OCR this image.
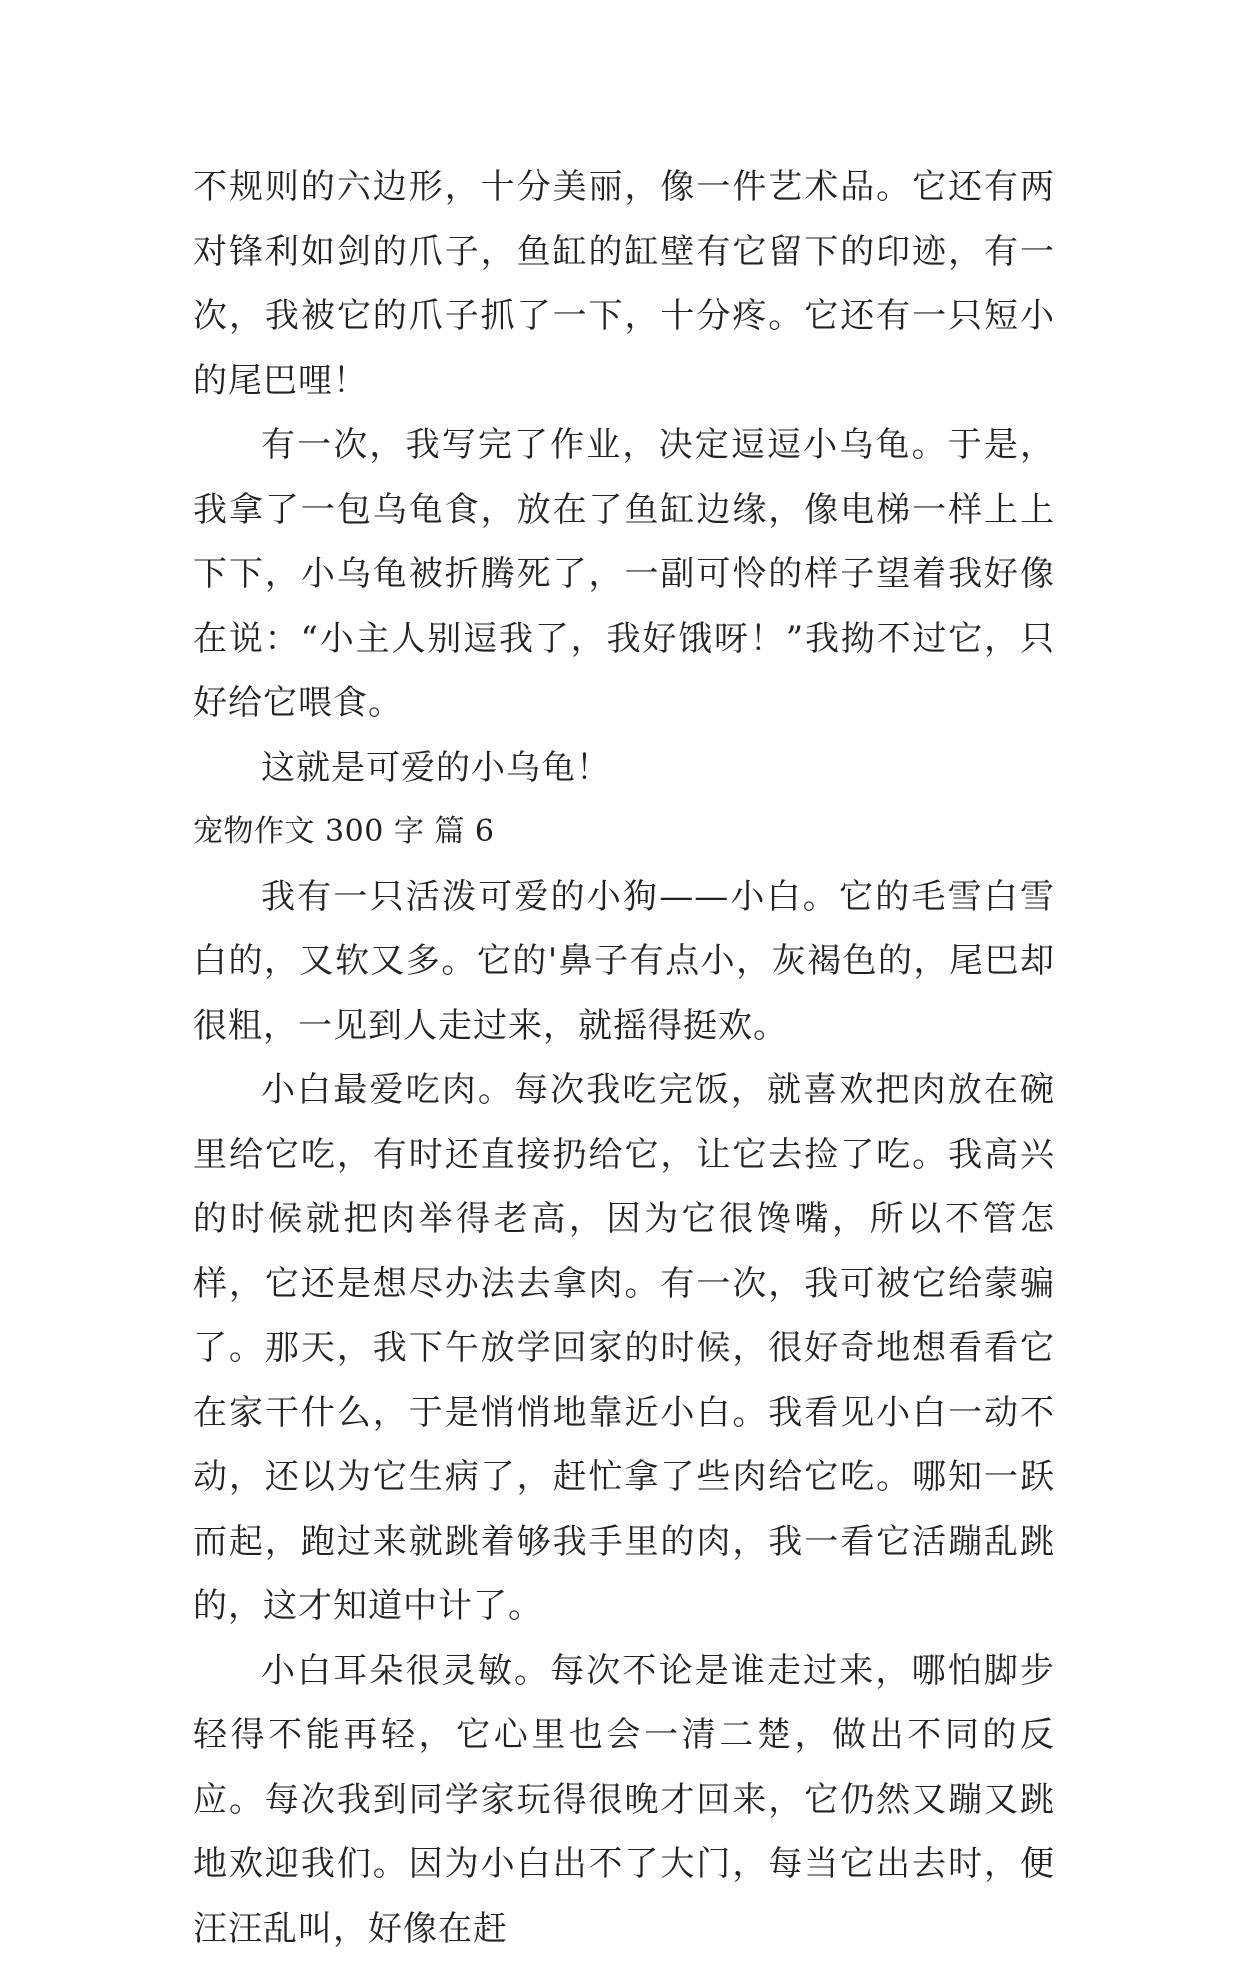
不规则的六边形，十分美丽，像一件艺术品。它还有两对锋利如剑的爪子，鱼缸的缸壁有它留下的印迹，有一次，我被它的爪子抓了一下，十分疼。它还有一只短小的尾巴哩！

有一次，我写完了作业，决定逗逗小乌龟。于是，我拿了一包乌龟食，放在了鱼缸边缘，像电梯一样上上下下，小乌龟被折腾死了，一副可怜的样子望着我好像在说：“小主人别逗我了，我好饿呀！”我拗不过它，只好给它喂食。

这就是可爱的小乌龟！

宠物作文 300 字 篇 6

我有一只活泼可爱的小狗——小白。它的毛雪白雪白的，又软又多。它的'鼻子有点小，灰褐色的，尾巴却很粗，一见到人走过来，就摇得挺欢。

小白最爱吃肉。每次我吃完饭，就喜欢把肉放在碗里给它吃，有时还直接扔给它，让它去捡了吃。我高兴的时候就把肉举得老高，因为它很馋嘴，所以不管怎样，它还是想尽办法去拿肉。有一次，我可被它给蒙骗了。那天，我下午放学回家的时候，很好奇地想看看它在家干什么，于是悄悄地靠近小白。我看见小白一动不动，还以为它生病了，赶忙拿了些肉给它吃。哪知一跃而起，跑过来就跳着够我手里的肉，我一看它活蹦乱跳的，这才知道中计了。

小白耳朵很灵敏。每次不论是谁走过来，哪怕脚步轻得不能再轻，它心里也会一清二楚，做出不同的反应。每次我到同学家玩得很晚才回来，它仍然又蹦又跳地欢迎我们。因为小白出不了大门，每当它出去时，便汪汪乱叫，好像在赶
